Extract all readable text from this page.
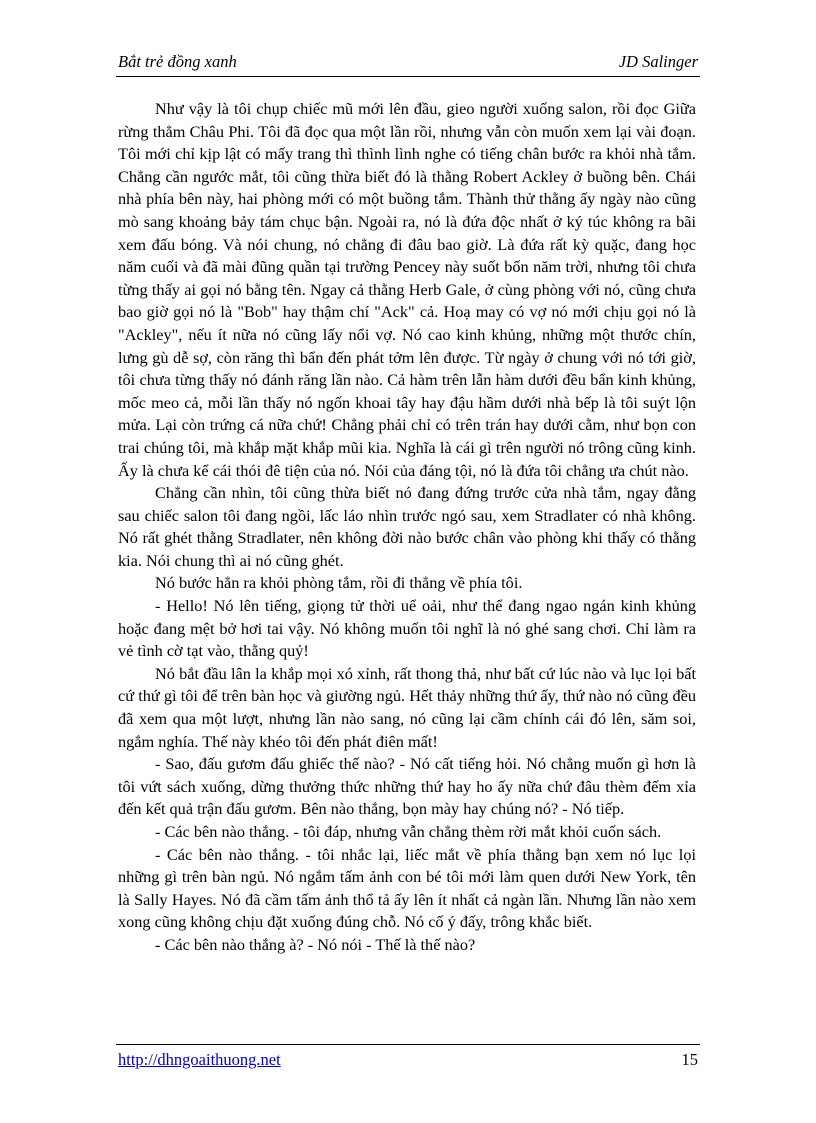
Bắt trẻ đồng xanh	JD Salinger

Như vậy là tôi chụp chiếc mũ mới lên đầu, gieo người xuống salon, rồi đọc Giữa rừng thẳm Châu Phi. Tôi đã đọc qua một lần rồi, nhưng vẫn còn muốn xem lại vài đoạn. Tôi mới chỉ kịp lật có mấy trang thì thình lình nghe có tiếng chân bước ra khỏi nhà tắm. Chẳng cần ngước mắt, tôi cũng thừa biết đó là thằng Robert Ackley ở buồng bên. Chái nhà phía bên này, hai phòng mới có một buồng tắm. Thành thử thằng ấy ngày nào cũng mò sang khoảng bảy tám chục bận. Ngoài ra, nó là đứa độc nhất ở ký túc không ra bãi xem đấu bóng. Và nói chung, nó chẳng đi đâu bao giờ. Là đứa rất kỳ quặc, đang học năm cuối và đã mài đũng quần tại trường Pencey này suốt bốn năm trời, nhưng tôi chưa từng thấy ai gọi nó bằng tên. Ngay cả thằng Herb Gale, ở cùng phòng với nó, cũng chưa bao giờ gọi nó là "Bob" hay thậm chí "Ack" cả. Hoạ may có vợ nó mới chịu gọi nó là "Ackley", nếu ít nữa nó cũng lấy nổi vợ. Nó cao kinh khủng, những một thước chín, lưng gù dễ sợ, còn răng thì bẩn đến phát tởm lên được. Từ ngày ở chung với nó tới giờ, tôi chưa từng thấy nó đánh răng lần nào. Cả hàm trên lẫn hàm dưới đều bẩn kinh khủng, mốc meo cả, mỗi lần thấy nó ngốn khoai tây hay đậu hầm dưới nhà bếp là tôi suýt lộn mửa. Lại còn trứng cá nữa chứ! Chẳng phải chỉ có trên trán hay dưới cằm, như bọn con trai chúng tôi, mà khắp mặt khắp mũi kia. Nghĩa là cái gì trên người nó trông cũng kinh. Ấy là chưa kể cái thói đê tiện của nó. Nói của đáng tội, nó là đứa tôi chẳng ưa chút nào.

Chẳng cần nhìn, tôi cũng thừa biết nó đang đứng trước cửa nhà tắm, ngay đằng sau chiếc salon tôi đang ngồi, lấc láo nhìn trước ngó sau, xem Stradlater có nhà không. Nó rất ghét thằng Stradlater, nên không đời nào bước chân vào phòng khi thấy có thằng kia. Nói chung thì ai nó cũng ghét.

Nó bước hẳn ra khỏi phòng tắm, rồi đi thẳng về phía tôi.

- Hello! Nó lên tiếng, giọng tử thời uể oải, như thể đang ngao ngán kinh khủng hoặc đang mệt bở hơi tai vậy. Nó không muốn tôi nghĩ là nó ghé sang chơi. Chỉ làm ra vẻ tình cờ tạt vào, thằng quỷ!

Nó bắt đầu lân la khắp mọi xó xỉnh, rất thong thả, như bất cứ lúc nào và lục lọi bất cứ thứ gì tôi để trên bàn học và giường ngủ. Hết thảy những thứ ấy, thứ nào nó cũng đều đã xem qua một lượt, nhưng lần nào sang, nó cũng lại cầm chính cái đó lên, săm soi, ngắm nghía. Thế này khéo tôi đến phát điên mất!

- Sao, đấu gươm đấu ghiếc thế nào? - Nó cất tiếng hỏi. Nó chẳng muốn gì hơn là tôi vứt sách xuống, dừng thưởng thức những thứ hay ho ấy nữa chứ đâu thèm đếm xỉa đến kết quả trận đấu gươm. Bên nào thắng, bọn mày hay chúng nó? - Nó tiếp.

- Các bên nào thắng. - tôi đáp, nhưng vẫn chẳng thèm rời mắt khỏi cuốn sách.

- Các bên nào thắng. - tôi nhắc lại, liếc mắt về phía thằng bạn xem nó lục lọi những gì trên bàn ngủ. Nó ngắm tấm ảnh con bé tôi mới làm quen dưới New York, tên là Sally Hayes. Nó đã cầm tấm ảnh thổ tả ấy lên ít nhất cả ngàn lần. Nhưng lần nào xem xong cũng không chịu đặt xuống đúng chỗ. Nó cố ý đấy, trông khắc biết.

- Các bên nào thắng à? - Nó nói - Thế là thế nào?

http://dhngoaithuong.net	15
